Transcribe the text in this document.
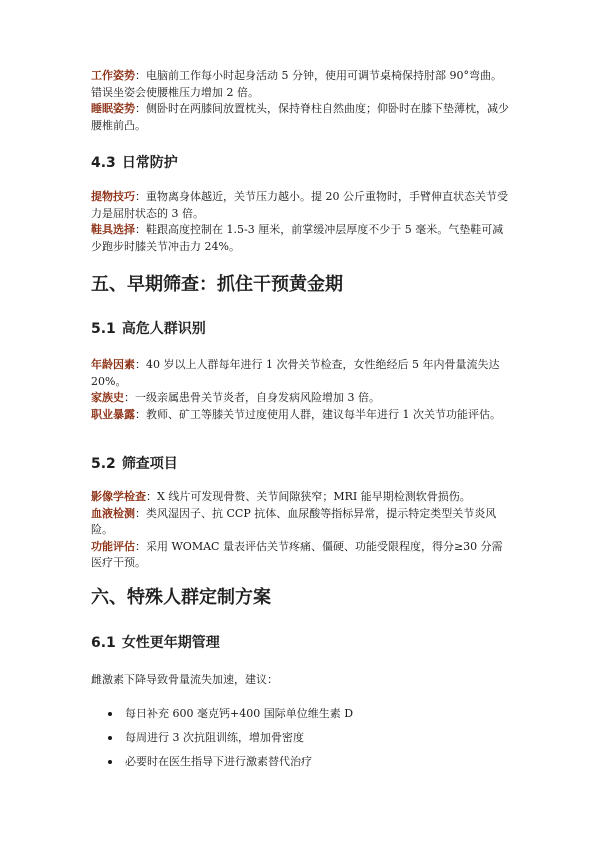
工作姿势：电脑前工作每小时起身活动 5 分钟，使用可调节桌椅保持肘部 90°弯曲。错误坐姿会使腰椎压力增加 2 倍。

睡眠姿势：侧卧时在两膝间放置枕头，保持脊柱自然曲度；仰卧时在膝下垫薄枕，减少腰椎前凸。

4.3 日常防护

提物技巧：重物离身体越近，关节压力越小。提 20 公斤重物时，手臂伸直状态关节受力是屈肘状态的 3 倍。

鞋具选择：鞋跟高度控制在 1.5-3 厘米，前掌缓冲层厚度不少于 5 毫米。气垫鞋可减少跑步时膝关节冲击力 24%。

五、早期筛查：抓住干预黄金期
5.1 高危人群识别

年龄因素：40 岁以上人群每年进行 1 次骨关节检查，女性绝经后 5 年内骨量流失达 20%。

家族史：一级亲属患骨关节炎者，自身发病风险增加 3 倍。

职业暴露：教师、矿工等膝关节过度使用人群，建议每半年进行 1 次关节功能评估。

5.2 筛查项目

影像学检查：X 线片可发现骨赘、关节间隙狭窄；MRI 能早期检测软骨损伤。

血液检测：类风湿因子、抗 CCP 抗体、血尿酸等指标异常，提示特定类型关节炎风险。

功能评估：采用 WOMAC 量表评估关节疼痛、僵硬、功能受限程度，得分≥30 分需医疗干预。

六、特殊人群定制方案
6.1 女性更年期管理

雌激素下降导致骨量流失加速，建议：

每日补充 600 毫克钙+400 国际单位维生素 D
每周进行 3 次抗阻训练，增加骨密度
必要时在医生指导下进行激素替代治疗
